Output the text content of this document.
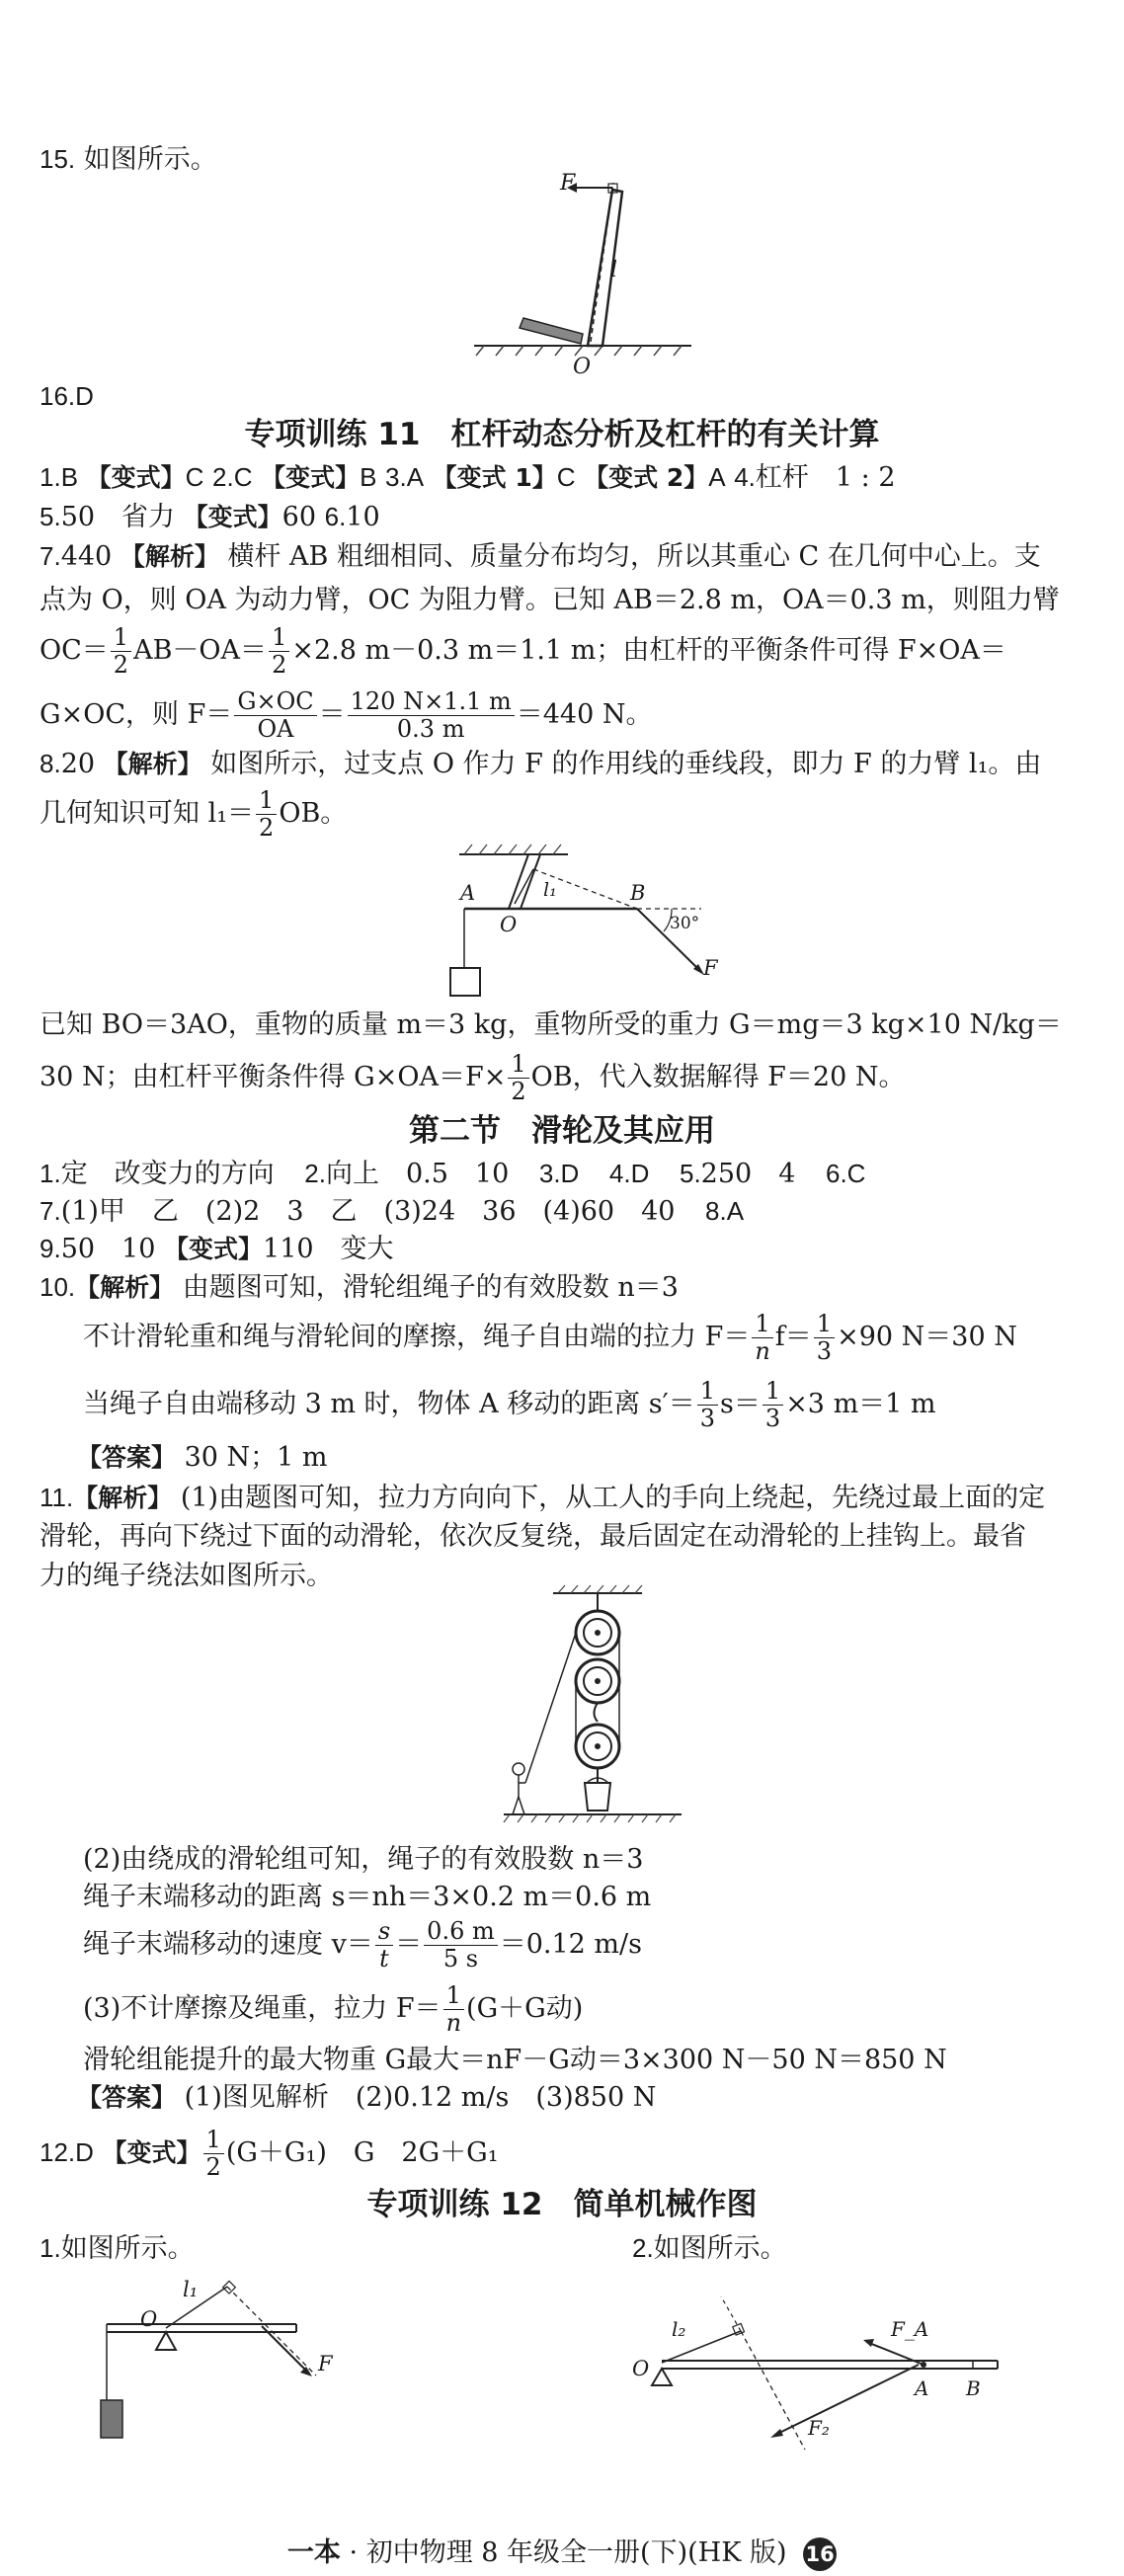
15. 如图所示。
F
l
O
16.D
专项训练 11　杠杆动态分析及杠杆的有关计算
1.B 【变式】C 2.C 【变式】B 3.A 【变式 1】C 【变式 2】A 4.杠杆　1 : 2
5.50　省力 【变式】60 6.10
7.440 【解析】 横杆 AB 粗细相同、质量分布均匀，所以其重心 C 在几何中心上。支
点为 O，则 OA 为动力臂，OC 为阻力臂。已知 AB＝2.8 m，OA＝0.3 m，则阻力臂
$OC= \frac{1}{2} AB-OA= \frac{1}{2} \times 2.8$ m－0.3 m＝1.1 m；由杠杆的平衡条件可得 F×OA＝
G×OC，则 $F= \frac{G\times OC}{OA} = \frac{120 N\times 1.1 m}{0.3 m} =440$ N。
8.20 【解析】 如图所示，过支点 O 作力 F 的作用线的垂线段，即力 F 的力臂 l₁。由
几何知识可知 $l_1= \frac{1}{2}$ OB。
A
O
l₁	B
30°
F
已知 BO＝3AO，重物的质量 m＝3 kg，重物所受的重力 G＝mg＝3 kg×10 N/kg＝
30 N；由杠杆平衡条件得 $G\times OA=F\times \frac{1}{2}$ OB，代入数据解得 F＝20 N。
第二节　滑轮及其应用
1.定　改变力的方向 2.向上　0.5　10 3.D 4.D 5.250　4 6.C
7.(1)甲　乙　(2)2　3　乙　(3)24　36　(4)60　40 8.A
9.50　10 【变式】110　变大
10.【解析】 由题图可知，滑轮组绳子的有效股数 n＝3
不计滑轮重和绳与滑轮间的摩擦，绳子自由端的拉力 $F= \frac{1}{n} f= \frac{1}{3} \times 90$ N＝30 N
当绳子自由端移动 3 m 时，物体 A 移动的距离 $s'= \frac{1}{3} s= \frac{1}{3} \times 3$ m＝1 m
【答案】 30 N；1 m
11.【解析】 (1)由题图可知，拉力方向向下，从工人的手向上绕起，先绕过最上面的定
滑轮，再向下绕过下面的动滑轮，依次反复绕，最后固定在动滑轮的上挂钩上。最省
力的绳子绕法如图所示。
(2)由绕成的滑轮组可知，绳子的有效股数 n＝3
绳子末端移动的距离 s＝nh＝3×0.2 m＝0.6 m
绳子末端移动的速度 $v= \frac{s}{t} = \frac{0.6 m}{5 s} =0.12$ m/s
(3)不计摩擦及绳重，拉力 $F= \frac{1}{n} (G+G$动)
滑轮组能提升的最大物重 G最大＝nF－G动＝3×300 N－50 N＝850 N
【答案】 (1)图见解析　(2)0.12 m/s　(3)850 N
12.D 【变式】 $\frac{1}{2} (G+G_1)$　G　2G＋G₁
专项训练 12　简单机械作图
1.如图所示。	2.如图所示。
l₁
O
F
l₂	F_A
O
A B
F₂
一本 · 初中物理 8 年级全一册(下)(HK 版) 16
